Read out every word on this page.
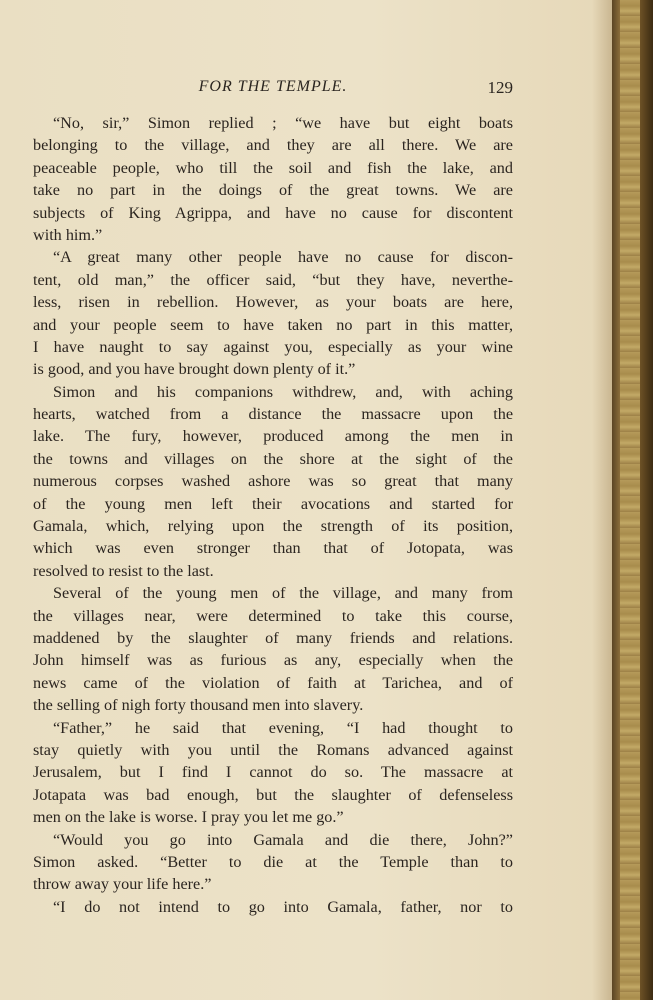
FOR THE TEMPLE.	129
“No, sir,” Simon replied ; “we have but eight boats
belonging to the village, and they are all there. We are
peaceable people, who till the soil and fish the lake, and
take no part in the doings of the great towns. We are
subjects of King Agrippa, and have no cause for discontent
with him.”
“A great many other people have no cause for discon-
tent, old man,” the officer said, “but they have, neverthe-
less, risen in rebellion. However, as your boats are here,
and your people seem to have taken no part in this matter,
I have naught to say against you, especially as your wine
is good, and you have brought down plenty of it.”
Simon and his companions withdrew, and, with aching
hearts, watched from a distance the massacre upon the
lake. The fury, however, produced among the men in
the towns and villages on the shore at the sight of the
numerous corpses washed ashore was so great that many
of the young men left their avocations and started for
Gamala, which, relying upon the strength of its position,
which was even stronger than that of Jotopata, was
resolved to resist to the last.
Several of the young men of the village, and many from
the villages near, were determined to take this course,
maddened by the slaughter of many friends and relations.
John himself was as furious as any, especially when the
news came of the violation of faith at Tarichea, and of
the selling of nigh forty thousand men into slavery.
“Father,” he said that evening, “I had thought to
stay quietly with you until the Romans advanced against
Jerusalem, but I find I cannot do so. The massacre at
Jotapata was bad enough, but the slaughter of defenseless
men on the lake is worse. I pray you let me go.”
“Would you go into Gamala and die there, John?”
Simon asked. “Better to die at the Temple than to
throw away your life here.”
“I do not intend to go into Gamala, father, nor to
